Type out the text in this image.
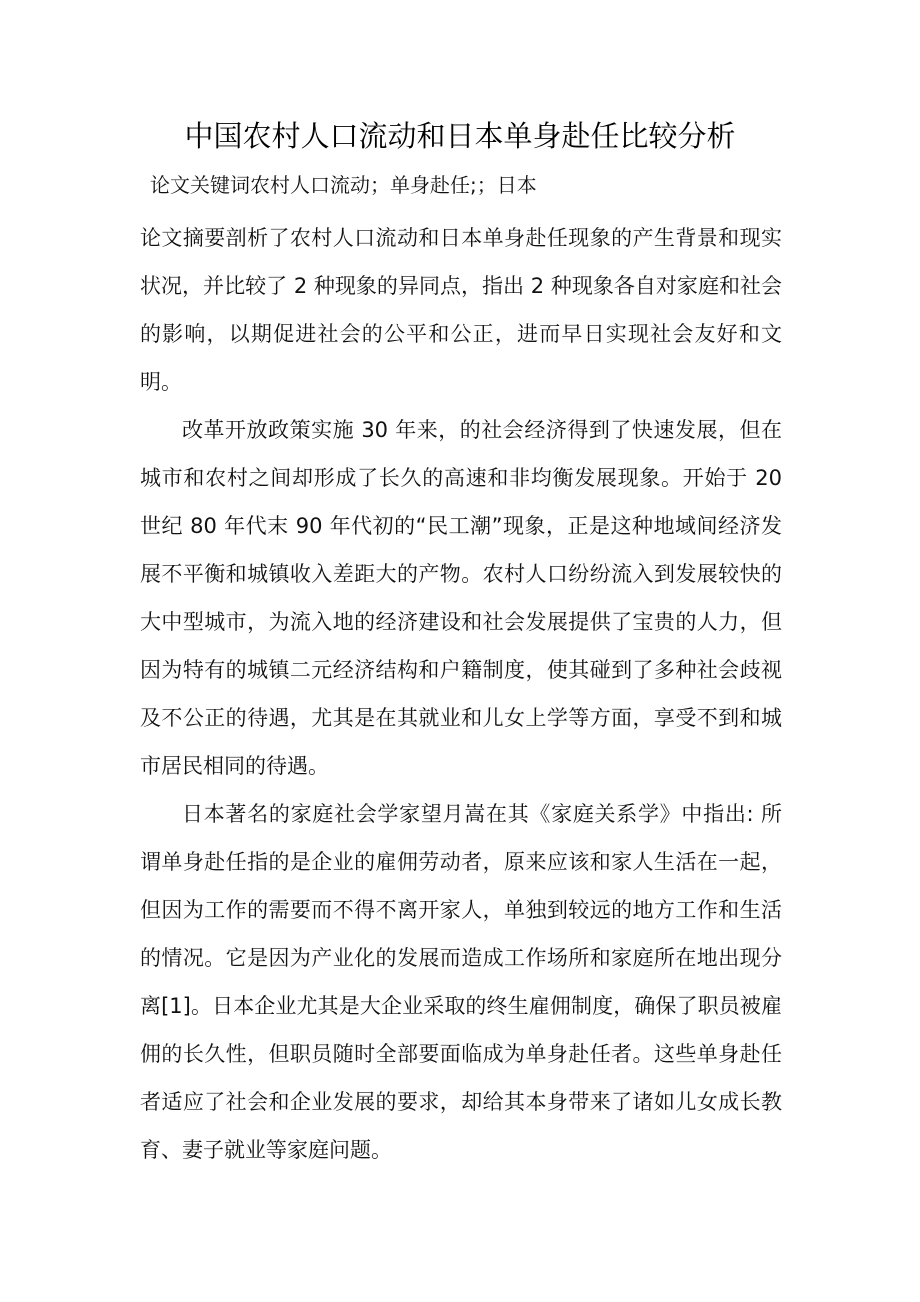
中国农村人口流动和日本单身赴任比较分析
论文关键词农村人口流动；单身赴任;；日本

论文摘要剖析了农村人口流动和日本单身赴任现象的产生背景和现实状况，并比较了 2 种现象的异同点，指出 2 种现象各自对家庭和社会的影响，以期促进社会的公平和公正，进而早日实现社会友好和文明。

改革开放政策实施 30 年来，的社会经济得到了快速发展，但在城市和农村之间却形成了长久的高速和非均衡发展现象。开始于 20 世纪 80 年代末 90 年代初的“民工潮”现象，正是这种地域间经济发展不平衡和城镇收入差距大的产物。农村人口纷纷流入到发展较快的大中型城市，为流入地的经济建设和社会发展提供了宝贵的人力，但因为特有的城镇二元经济结构和户籍制度，使其碰到了多种社会歧视及不公正的待遇，尤其是在其就业和儿女上学等方面，享受不到和城市居民相同的待遇。

日本著名的家庭社会学家望月嵩在其《家庭关系学》中指出: 所谓单身赴任指的是企业的雇佣劳动者，原来应该和家人生活在一起，但因为工作的需要而不得不离开家人，单独到较远的地方工作和生活的情况。它是因为产业化的发展而造成工作场所和家庭所在地出现分离[1]。日本企业尤其是大企业采取的终生雇佣制度，确保了职员被雇佣的长久性，但职员随时全部要面临成为单身赴任者。这些单身赴任者适应了社会和企业发展的要求，却给其本身带来了诸如儿女成长教育、妻子就业等家庭问题。
